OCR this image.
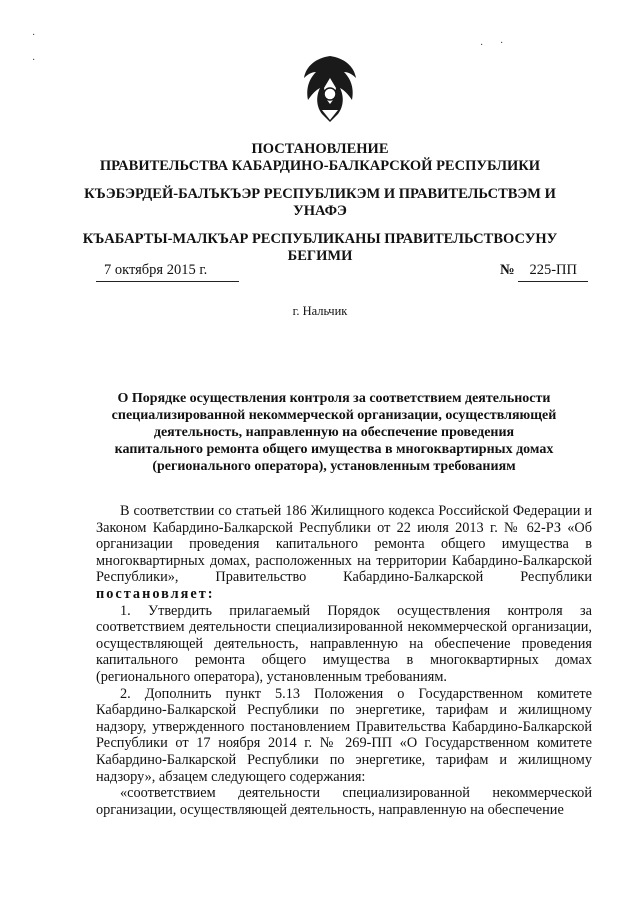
·
·
· ·
ПОСТАНОВЛЕНИЕ
ПРАВИТЕЛЬСТВА КАБАРДИНО-БАЛКАРСКОЙ РЕСПУБЛИКИ
КЪЭБЭРДЕЙ-БАЛЪКЪЭР РЕСПУБЛИКЭМ И ПРАВИТЕЛЬСТВЭМ И
УНАФЭ
КЪАБАРТЫ-МАЛКЪАР РЕСПУБЛИКАНЫ ПРАВИТЕЛЬСТВОСУНУ
БЕГИМИ
7 октября 2015 г.	№ 225-ПП
г. Нальчик
О Порядке осуществления контроля за соответствием деятельности
специализированной некоммерческой организации, осуществляющей
деятельность, направленную на обеспечение проведения
капитального ремонта общего имущества в многоквартирных домах
(регионального оператора), установленным требованиям

В соответствии со статьей 186 Жилищного кодекса Российской Федерации и Законом Кабардино-Балкарской Республики от 22 июля 2013 г. № 62-РЗ «Об организации проведения капитального ремонта общего имущества в многоквартирных домах, расположенных на территории Кабардино-Балкарской Республики», Правительство Кабардино-Балкарской Республики постановляет:

1. Утвердить прилагаемый Порядок осуществления контроля за соответствием деятельности специализированной некоммерческой организации, осуществляющей деятельность, направленную на обеспечение проведения капитального ремонта общего имущества в многоквартирных домах (регионального оператора), установленным требованиям.

2. Дополнить пункт 5.13 Положения о Государственном комитете Кабардино-Балкарской Республики по энергетике, тарифам и жилищному надзору, утвержденного постановлением Правительства Кабардино-Балкарской Республики от 17 ноября 2014 г. № 269-ПП «О Государственном комитете Кабардино-Балкарской Республики по энергетике, тарифам и жилищному надзору», абзацем следующего содержания:

«соответствием деятельности специализированной некоммерческой организации, осуществляющей деятельность, направленную на обеспечение
